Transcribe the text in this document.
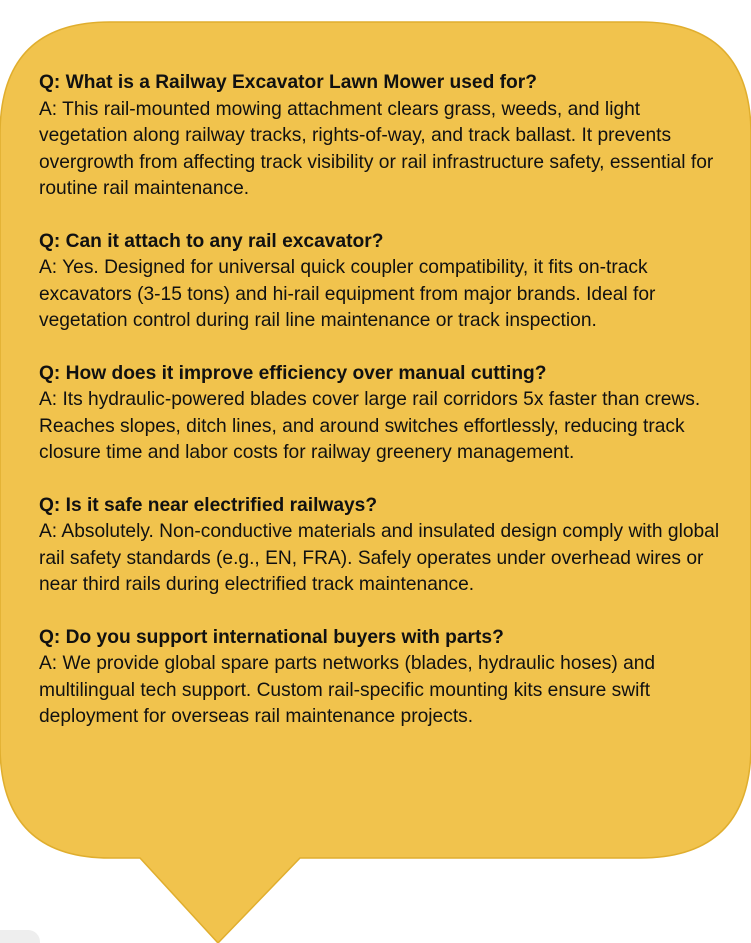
Q: What is a Railway Excavator Lawn Mower used for?
A: This rail-mounted mowing attachment clears grass, weeds, and light vegetation along railway tracks, rights-of-way, and track ballast. It prevents overgrowth from affecting track visibility or rail infrastructure safety, essential for routine rail maintenance.
Q: Can it attach to any rail excavator?
A: Yes. Designed for universal quick coupler compatibility, it fits on-track excavators (3-15 tons) and hi-rail equipment from major brands. Ideal for vegetation control during rail line maintenance or track inspection.
Q: How does it improve efficiency over manual cutting?
A: Its hydraulic-powered blades cover large rail corridors 5x faster than crews. Reaches slopes, ditch lines, and around switches effortlessly, reducing track closure time and labor costs for railway greenery management.
Q: Is it safe near electrified railways?
A: Absolutely. Non-conductive materials and insulated design comply with global rail safety standards (e.g., EN, FRA). Safely operates under overhead wires or near third rails during electrified track maintenance.
Q: Do you support international buyers with parts?
A: We provide global spare parts networks (blades, hydraulic hoses) and multilingual tech support. Custom rail-specific mounting kits ensure swift deployment for overseas rail maintenance projects.
